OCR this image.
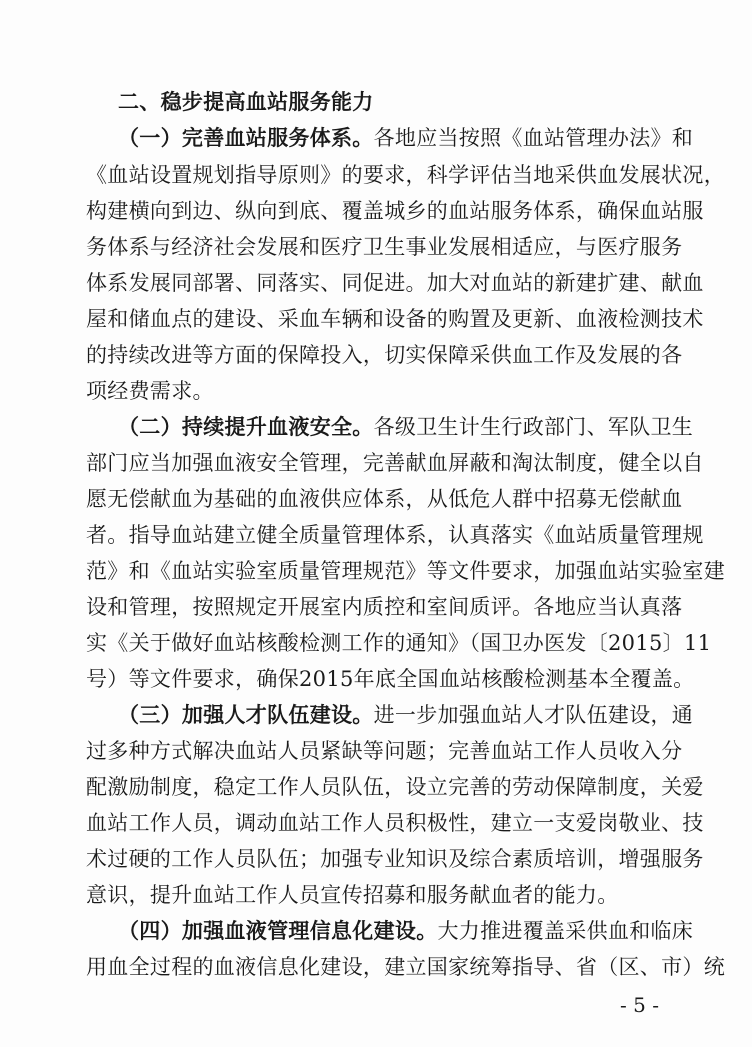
二、稳步提高血站服务能力
（一）完善血站服务体系。各地应当按照《血站管理办法》和
《血站设置规划指导原则》的要求，科学评估当地采供血发展状况，
构建横向到边、纵向到底、覆盖城乡的血站服务体系，确保血站服
务体系与经济社会发展和医疗卫生事业发展相适应，与医疗服务
体系发展同部署、同落实、同促进。加大对血站的新建扩建、献血
屋和储血点的建设、采血车辆和设备的购置及更新、血液检测技术
的持续改进等方面的保障投入，切实保障采供血工作及发展的各
项经费需求。
（二）持续提升血液安全。各级卫生计生行政部门、军队卫生
部门应当加强血液安全管理，完善献血屏蔽和淘汰制度，健全以自
愿无偿献血为基础的血液供应体系，从低危人群中招募无偿献血
者。指导血站建立健全质量管理体系，认真落实《血站质量管理规
范》和《血站实验室质量管理规范》等文件要求，加强血站实验室建
设和管理，按照规定开展室内质控和室间质评。各地应当认真落
实《关于做好血站核酸检测工作的通知》（国卫办医发〔2015〕11
号）等文件要求，确保2015年底全国血站核酸检测基本全覆盖。
（三）加强人才队伍建设。进一步加强血站人才队伍建设，通
过多种方式解决血站人员紧缺等问题；完善血站工作人员收入分
配激励制度，稳定工作人员队伍，设立完善的劳动保障制度，关爱
血站工作人员，调动血站工作人员积极性，建立一支爱岗敬业、技
术过硬的工作人员队伍；加强专业知识及综合素质培训，增强服务
意识，提升血站工作人员宣传招募和服务献血者的能力。
（四）加强血液管理信息化建设。大力推进覆盖采供血和临床
用血全过程的血液信息化建设，建立国家统筹指导、省（区、市）统
- 5 -
